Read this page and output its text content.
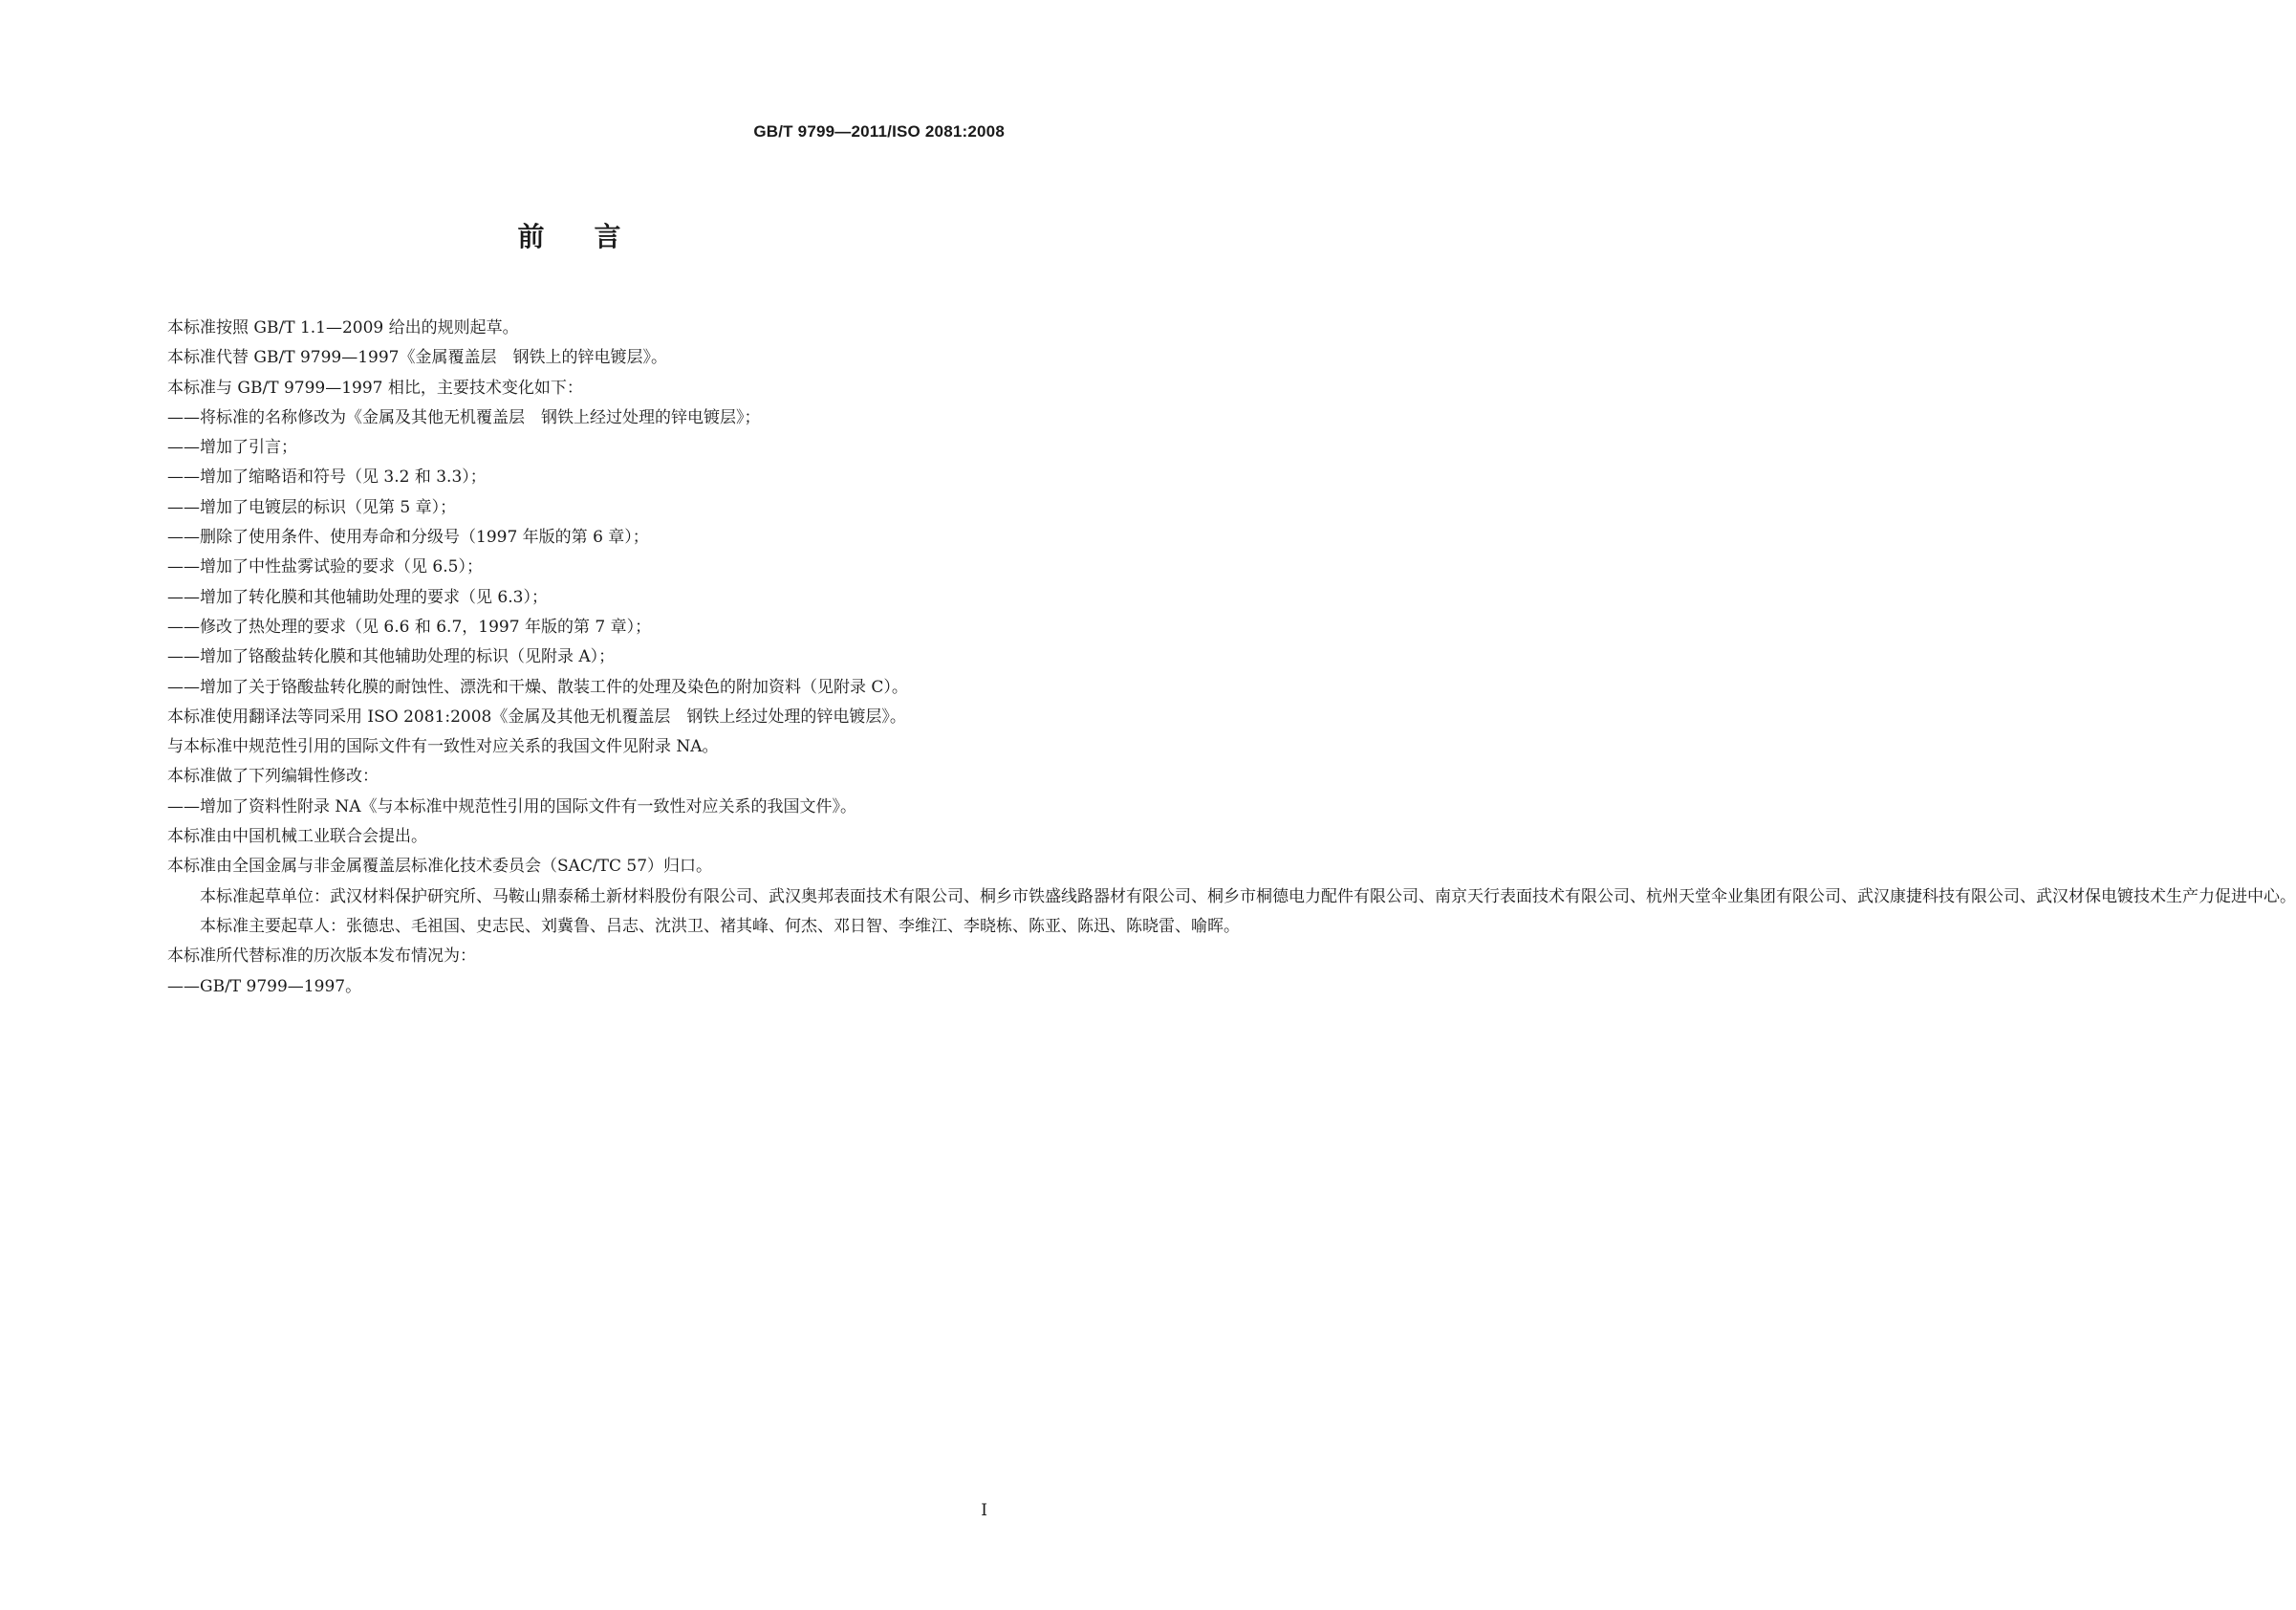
GB/T 9799—2011/ISO 2081:2008
前言

本标准按照 GB/T 1.1—2009 给出的规则起草。

本标准代替 GB/T 9799—1997《金属覆盖层　钢铁上的锌电镀层》。

本标准与 GB/T 9799—1997 相比，主要技术变化如下：

——将标准的名称修改为《金属及其他无机覆盖层　钢铁上经过处理的锌电镀层》；

——增加了引言；

——增加了缩略语和符号（见 3.2 和 3.3）；

——增加了电镀层的标识（见第 5 章）；

——删除了使用条件、使用寿命和分级号（1997 年版的第 6 章）；

——增加了中性盐雾试验的要求（见 6.5）；

——增加了转化膜和其他辅助处理的要求（见 6.3）；

——修改了热处理的要求（见 6.6 和 6.7，1997 年版的第 7 章）；

——增加了铬酸盐转化膜和其他辅助处理的标识（见附录 A）；

——增加了关于铬酸盐转化膜的耐蚀性、漂洗和干燥、散装工件的处理及染色的附加资料（见附录 C）。

本标准使用翻译法等同采用 ISO 2081:2008《金属及其他无机覆盖层　钢铁上经过处理的锌电镀层》。

与本标准中规范性引用的国际文件有一致性对应关系的我国文件见附录 NA。

本标准做了下列编辑性修改：

——增加了资料性附录 NA《与本标准中规范性引用的国际文件有一致性对应关系的我国文件》。

本标准由中国机械工业联合会提出。

本标准由全国金属与非金属覆盖层标准化技术委员会（SAC/TC 57）归口。

本标准起草单位：武汉材料保护研究所、马鞍山鼎泰稀土新材料股份有限公司、武汉奥邦表面技术有限公司、桐乡市铁盛线路器材有限公司、桐乡市桐德电力配件有限公司、南京天行表面技术有限公司、杭州天堂伞业集团有限公司、武汉康捷科技有限公司、武汉材保电镀技术生产力促进中心。

本标准主要起草人：张德忠、毛祖国、史志民、刘冀鲁、吕志、沈洪卫、褚其峰、何杰、邓日智、李维江、李晓栋、陈亚、陈迅、陈晓雷、喻晖。

本标准所代替标准的历次版本发布情况为：

——GB/T 9799—1997。

I
